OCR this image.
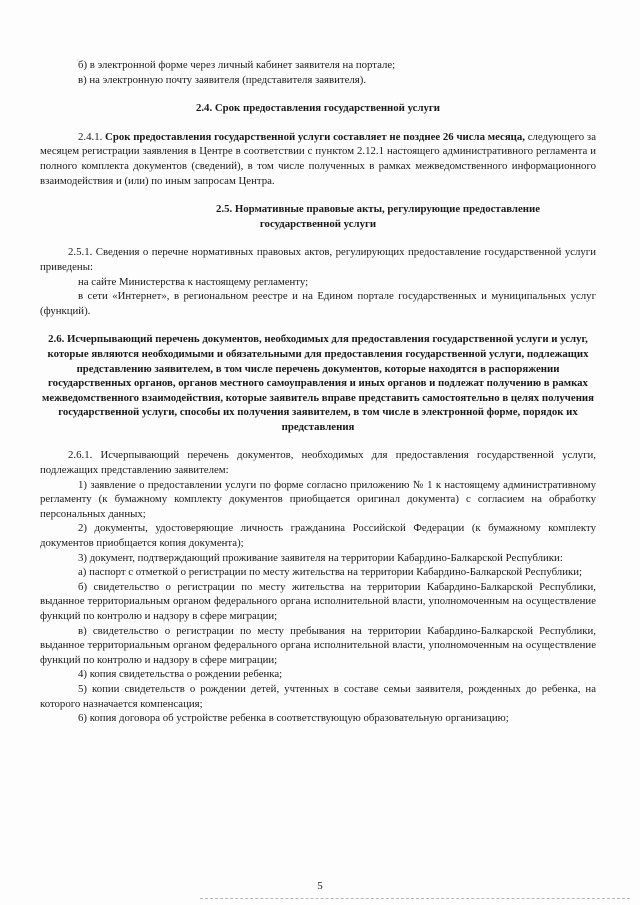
б) в электронной форме через личный кабинет заявителя на портале;

в) на электронную почту заявителя (представителя заявителя).

2.4. Срок предоставления государственной услуги

2.4.1. Срок предоставления государственной услуги составляет не позднее 26 числа месяца, следующего за месяцем регистрации заявления в Центре в соответствии с пунктом 2.12.1 настоящего административного регламента и полного комплекта документов (сведений), в том числе полученных в рамках межведомственного информационного взаимодействия и (или) по иным запросам Центра.

2.5. Нормативные правовые акты, регулирующие предоставление

государственной услуги

2.5.1. Сведения о перечне нормативных правовых актов, регулирующих предоставление государственной услуги приведены:

на сайте Министерства к настоящему регламенту;

в сети «Интернет», в региональном реестре и на Едином портале государственных и муниципальных услуг (функций).

2.6. Исчерпывающий перечень документов, необходимых для предоставления государственной услуги и услуг, которые являются необходимыми и обязательными для предоставления государственной услуги, подлежащих представлению заявителем, в том числе перечень документов, которые находятся в распоряжении государственных органов, органов местного самоуправления и иных органов и подлежат получению в рамках межведомственного взаимодействия, которые заявитель вправе представить самостоятельно в целях получения государственной услуги, способы их получения заявителем, в том числе в электронной форме, порядок их представления

2.6.1. Исчерпывающий перечень документов, необходимых для предоставления государственной услуги, подлежащих представлению заявителем:

1) заявление о предоставлении услуги по форме согласно приложению № 1 к настоящему административному регламенту (к бумажному комплекту документов приобщается оригинал документа) с согласием на обработку персональных данных;

2) документы, удостоверяющие личность гражданина Российской Федерации (к бумажному комплекту документов приобщается копия документа);

3) документ, подтверждающий проживание заявителя на территории Кабардино-Балкарской Республики:

а) паспорт с отметкой о регистрации по месту жительства на территории Кабардино-Балкарской Республики;

б) свидетельство о регистрации по месту жительства на территории Кабардино-Балкарской Республики, выданное территориальным органом федерального органа исполнительной власти, уполномоченным на осуществление функций по контролю и надзору в сфере миграции;

в) свидетельство о регистрации по месту пребывания на территории Кабардино-Балкарской Республики, выданное территориальным органом федерального органа исполнительной власти, уполномоченным на осуществление функций по контролю и надзору в сфере миграции;

4) копия свидетельства о рождении ребенка;

5) копии свидетельств о рождении детей, учтенных в составе семьи заявителя, рожденных до ребенка, на которого назначается компенсация;

6) копия договора об устройстве ребенка в соответствующую образовательную организацию;

5
